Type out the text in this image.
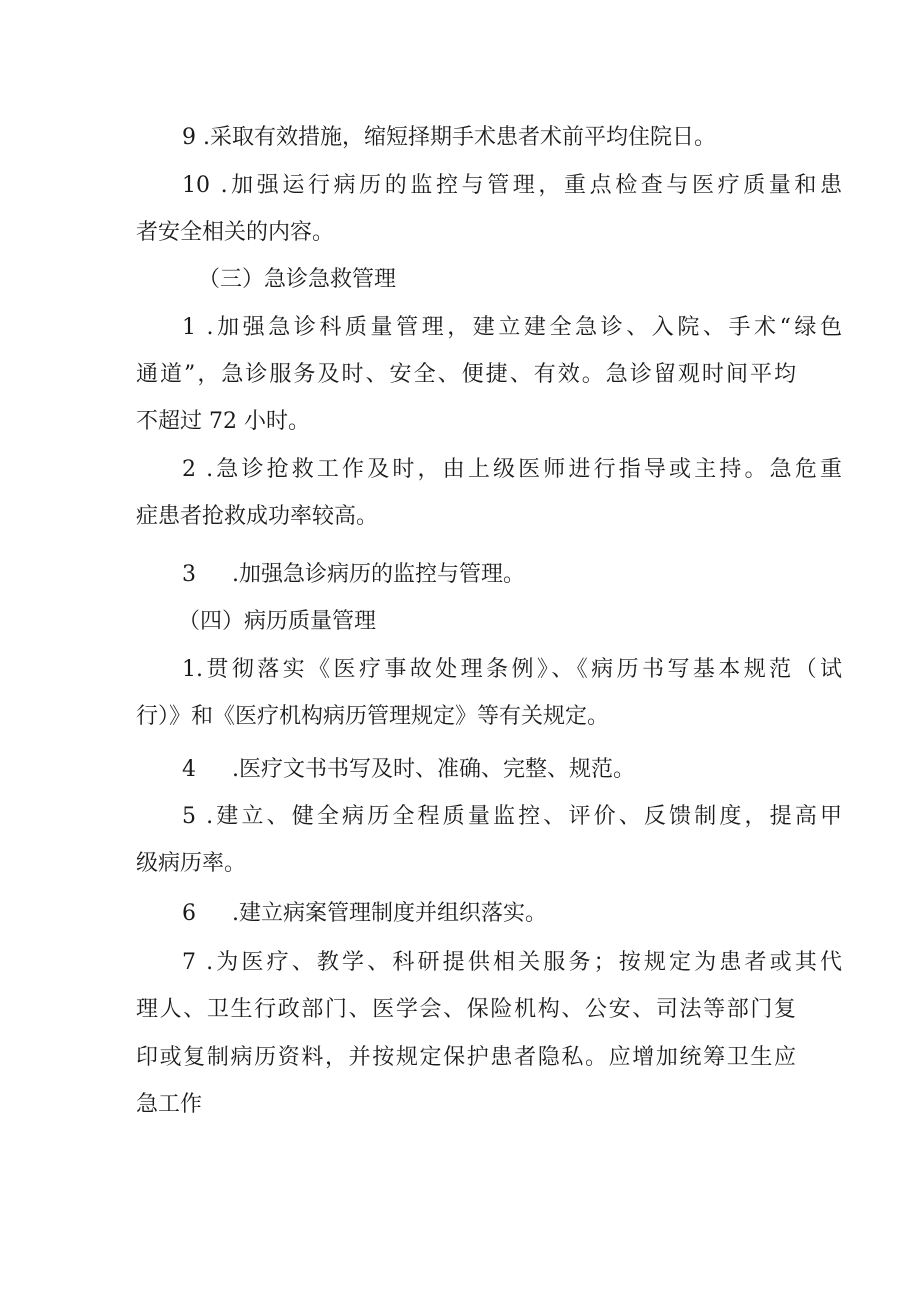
9 .采取有效措施，缩短择期手术患者术前平均住院日。
10 .加强运行病历的监控与管理，重点检查与医疗质量和患
者安全相关的内容。
（三）急诊急救管理
1 .加强急诊科质量管理，建立建全急诊、入院、手术“绿色
通道”，急诊服务及时、安全、便捷、有效。急诊留观时间平均
不超过 72 小时。
2 .急诊抢救工作及时，由上级医师进行指导或主持。急危重
症患者抢救成功率较高。
3 .加强急诊病历的监控与管理。
（四）病历质量管理
1.贯彻落实《医疗事故处理条例》、《病历书写基本规范（试
行）》和《医疗机构病历管理规定》等有关规定。
4 .医疗文书书写及时、准确、完整、规范。
5 .建立、健全病历全程质量监控、评价、反馈制度，提高甲
级病历率。
6 .建立病案管理制度并组织落实。
7 .为医疗、教学、科研提供相关服务；按规定为患者或其代
理人、卫生行政部门、医学会、保险机构、公安、司法等部门复
印或复制病历资料，并按规定保护患者隐私。应增加统筹卫生应
急工作
